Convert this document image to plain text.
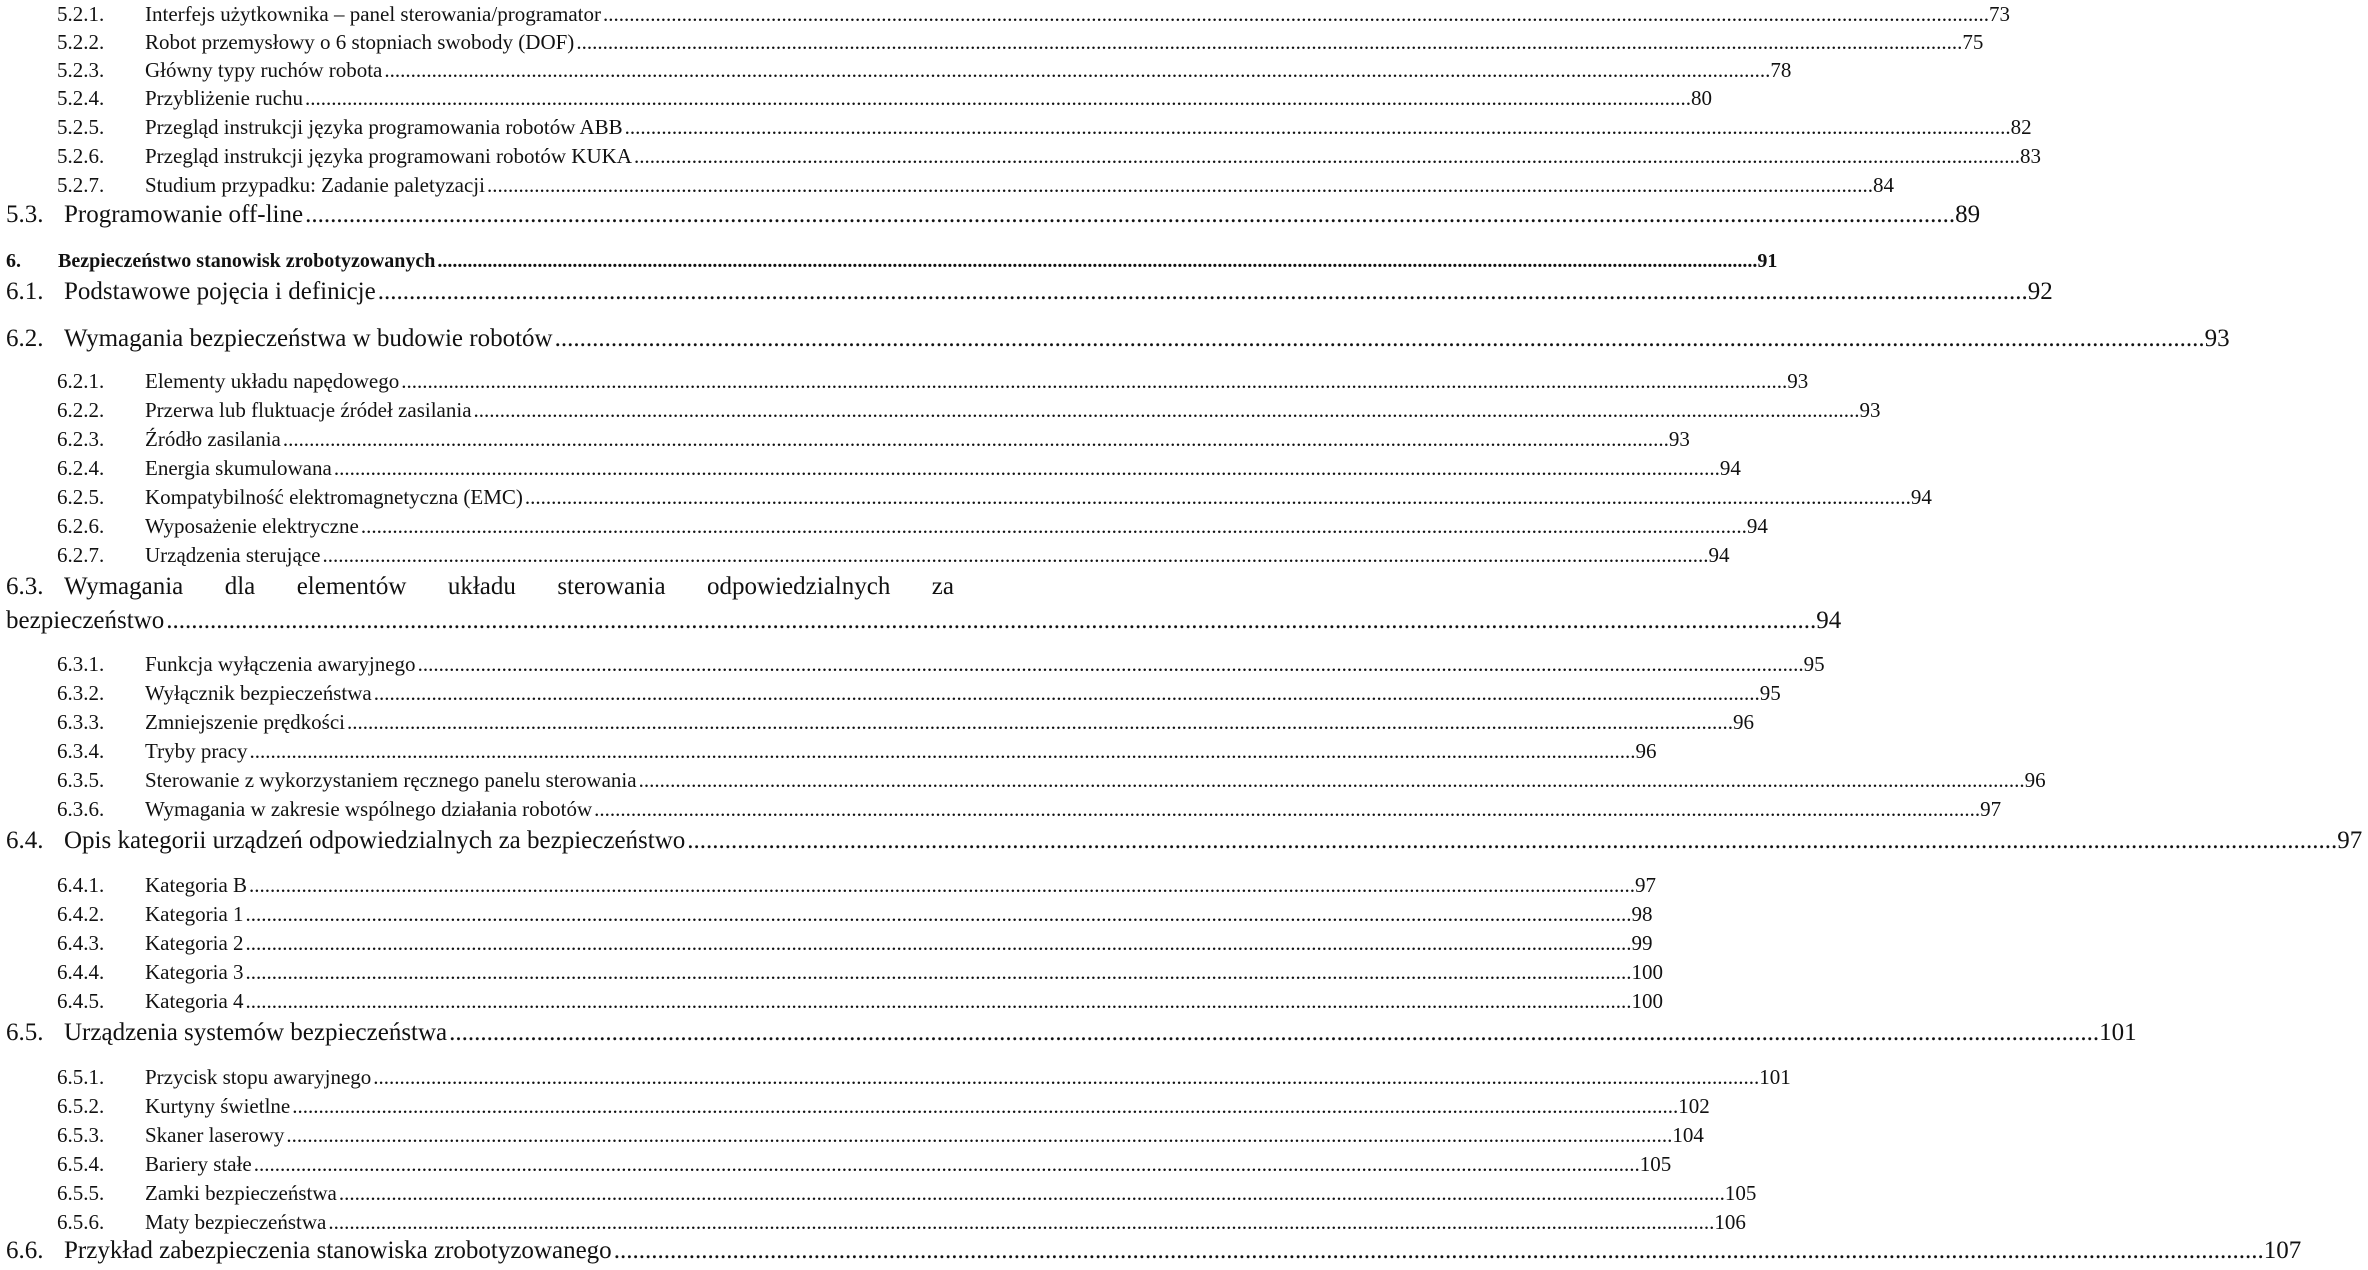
5.2.1.	Interfejs użytkownika – panel sterowania/programator .....	73
5.2.2.	Robot przemysłowy o 6 stopniach swobody (DOF) .....	75
5.2.3.	Główny typy ruchów robota .....	78
5.2.4.	Przybliżenie ruchu .....	80
5.2.5.	Przegląd instrukcji języka programowania robotów ABB .....	82
5.2.6.	Przegląd instrukcji języka programowani robotów KUKA .....	83
5.2.7.	Studium przypadku: Zadanie paletyzacji .....	84
5.3. Programowanie off-line .....	89
6.	Bezpieczeństwo stanowisk zrobotyzowanych .....	91
6.1. Podstawowe pojęcia i definicje .....	92
6.2. Wymagania bezpieczeństwa w budowie robotów .....	93
6.2.1.	Elementy układu napędowego .....	93
6.2.2.	Przerwa lub fluktuacje źródeł zasilania .....	93
6.2.3.	Źródło zasilania .....	93
6.2.4.	Energia skumulowana .....	94
6.2.5.	Kompatybilność elektromagnetyczna (EMC) .....	94
6.2.6.	Wyposażenie elektryczne .....	94
6.2.7.	Urządzenia sterujące .....	94
6.3. Wymagania dla elementów układu sterowania odpowiedzialnych za
bezpieczeństwo .....	94
6.3.1.	Funkcja wyłączenia awaryjnego .....	95
6.3.2.	Wyłącznik bezpieczeństwa .....	95
6.3.3.	Zmniejszenie prędkości .....	96
6.3.4.	Tryby pracy .....	96
6.3.5.	Sterowanie z wykorzystaniem ręcznego panelu sterowania .....	96
6.3.6.	Wymagania w zakresie wspólnego działania robotów .....	97
6.4. Opis kategorii urządzeń odpowiedzialnych za bezpieczeństwo .....	97
6.4.1.	Kategoria B .....	97
6.4.2.	Kategoria 1 .....	98
6.4.3.	Kategoria 2 .....	99
6.4.4.	Kategoria 3 .....	100
6.4.5.	Kategoria 4 .....	100
6.5. Urządzenia systemów bezpieczeństwa .....	101
6.5.1.	Przycisk stopu awaryjnego .....	101
6.5.2.	Kurtyny świetlne .....	102
6.5.3.	Skaner laserowy .....	104
6.5.4.	Bariery stałe .....	105
6.5.5.	Zamki bezpieczeństwa .....	105
6.5.6.	Maty bezpieczeństwa .....	106
6.6. Przykład zabezpieczenia stanowiska zrobotyzowanego .....	107
